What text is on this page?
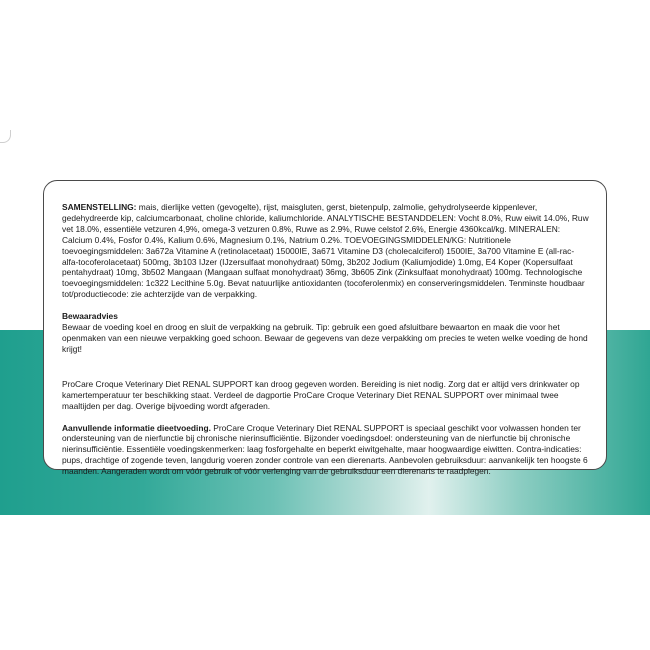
SAMENSTELLING: mais, dierlijke vetten (gevogelte), rijst, maisgluten, gerst, bietenpulp, zalmolie, gehydrolyseerde kippenlever, gedehydreerde kip, calciumcarbonaat, choline chloride, kaliumchloride. ANALYTISCHE BESTANDDELEN: Vocht 8.0%, Ruw eiwit 14.0%, Ruw vet 18.0%, essentiële vetzuren 4,9%, omega-3 vetzuren 0.8%, Ruwe as 2.9%, Ruwe celstof 2.6%, Energie 4360kcal/kg. MINERALEN: Calcium 0.4%, Fosfor 0.4%, Kalium 0.6%, Magnesium 0.1%, Natrium 0.2%. TOEVOEGINGSMIDDELEN/KG: Nutritionele toevoegingsmiddelen: 3a672a Vitamine A (retinolacetaat) 15000IE, 3a671 Vitamine D3 (cholecalciferol) 1500IE, 3a700 Vitamine E (all-rac-alfa-tocoferolacetaat) 500mg, 3b103 IJzer (IJzersulfaat monohydraat) 50mg, 3b202 Jodium (Kaliumjodide) 1.0mg, E4 Koper (Kopersulfaat pentahydraat) 10mg, 3b502 Mangaan (Mangaan sulfaat monohydraat) 36mg, 3b605 Zink (Zinksulfaat monohydraat) 100mg. Technologische toevoegingsmiddelen: 1c322 Lecithine 5.0g. Bevat natuurlijke antioxidanten (tocoferolenmix) en conserveringsmiddelen. Tenminste houdbaar tot/productiecode: zie achterzijde van de verpakking.

Bewaaradvies

Bewaar de voeding koel en droog en sluit de verpakking na gebruik. Tip: gebruik een goed afsluitbare bewaarton en maak die voor het openmaken van een nieuwe verpakking goed schoon. Bewaar de gegevens van deze verpakking om precies te weten welke voeding de hond krijgt!

ProCare Croque Veterinary Diet RENAL SUPPORT kan droog gegeven worden. Bereiding is niet nodig. Zorg dat er altijd vers drinkwater op kamertemperatuur ter beschikking staat. Verdeel de dagportie ProCare Croque Veterinary Diet RENAL SUPPORT over minimaal twee maaltijden per dag. Overige bijvoeding wordt afgeraden.

Aanvullende informatie dieetvoeding. ProCare Croque Veterinary Diet RENAL SUPPORT is speciaal geschikt voor volwassen honden ter ondersteuning van de nierfunctie bij chronische nierinsufficiëntie. Bijzonder voedingsdoel: ondersteuning van de nierfunctie bij chronische nierinsufficiëntie. Essentiële voedingskenmerken: laag fosforgehalte en beperkt eiwitgehalte, maar hoogwaardige eiwitten. Contra-indicaties: pups, drachtige of zogende teven, langdurig voeren zonder controle van een dierenarts. Aanbevolen gebruiksduur: aanvankelijk ten hoogste 6 maanden. Aangeraden wordt om vóór gebruik of vóór verlenging van de gebruiksduur een dierenarts te raadplegen.
